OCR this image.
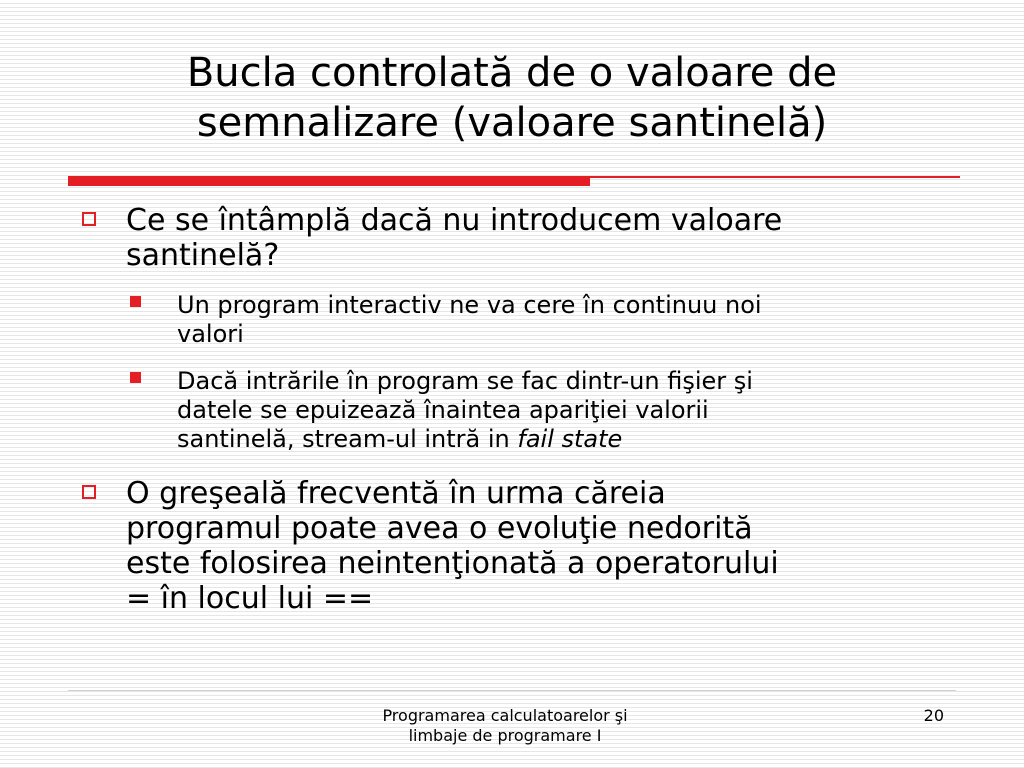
Bucla controlată de o valoare de
semnalizare (valoare santinelă)
Ce se întâmplă dacă nu introducem valoare
santinelă?
Un program interactiv ne va cere în continuu noi
valori
Dacă intrările în program se fac dintr-un fişier şi
datele se epuizează înaintea apariţiei valorii
santinelă, stream-ul intră in fail state
O greşeală frecventă în urma căreia
programul poate avea o evoluţie nedorită
este folosirea neintenţionată a operatorului
= în locul lui ==
Programarea calculatoarelor şi
limbaje de programare I
20
